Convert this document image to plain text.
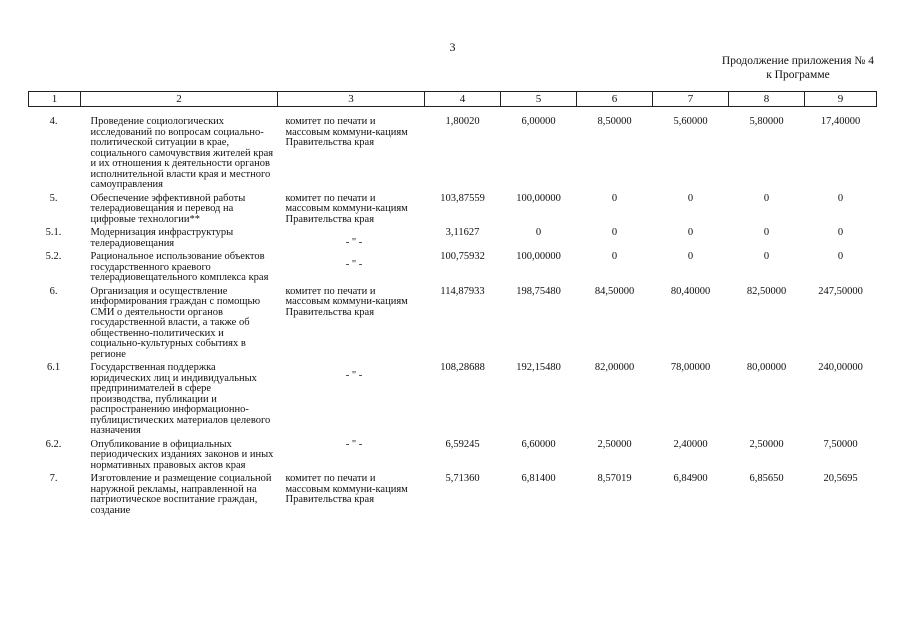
3
Продолжение приложения № 4
к Программе
1	2	3	4	5	6	7	8	9
4.	Проведение социологических исследований по вопросам социально-политической ситуации в крае, социального самочувствия жителей края и их отношения к деятельности органов исполнительной власти края и местного самоуправления	комитет по печати и массовым коммуни-кациям Правительства края	1,80020	6,00000	8,50000	5,60000	5,80000	17,40000
5.	Обеспечение эффективной работы телерадиовещания и перевод на цифровые технологии**	комитет по печати и массовым коммуни-кациям Правительства края	103,87559	100,00000	0	0	0	0
5.1.	Модернизация инфраструктуры телерадиовещания	- " -	3,11627	0	0	0	0	0
5.2.	Рациональное использование объектов государственного краевого телерадиовещательного комплекса края	- " -	100,75932	100,00000	0	0	0	0
6.	Организация и осуществление информирования граждан с помощью СМИ о деятельности органов государственной власти, а также об общественно-политических и социально-культурных событиях в регионе	комитет по печати и массовым коммуни-кациям Правительства края	114,87933	198,75480	84,50000	80,40000	82,50000	247,50000
6.1	Государственная поддержка юридических лиц и индивидуальных предпринимателей в сфере производства, публикации и распространению информационно-публицистических материалов целевого назначения	- " -	108,28688	192,15480	82,00000	78,00000	80,00000	240,00000
6.2.	Опубликование в официальных периодических изданиях законов и иных нормативных правовых актов края	- " -	6,59245	6,60000	2,50000	2,40000	2,50000	7,50000
7.	Изготовление и размещение социальной наружной рекламы, направленной на патриотическое воспитание граждан, создание	комитет по печати и массовым коммуни-кациям Правительства края	5,71360	6,81400	8,57019	6,84900	6,85650	20,5695
